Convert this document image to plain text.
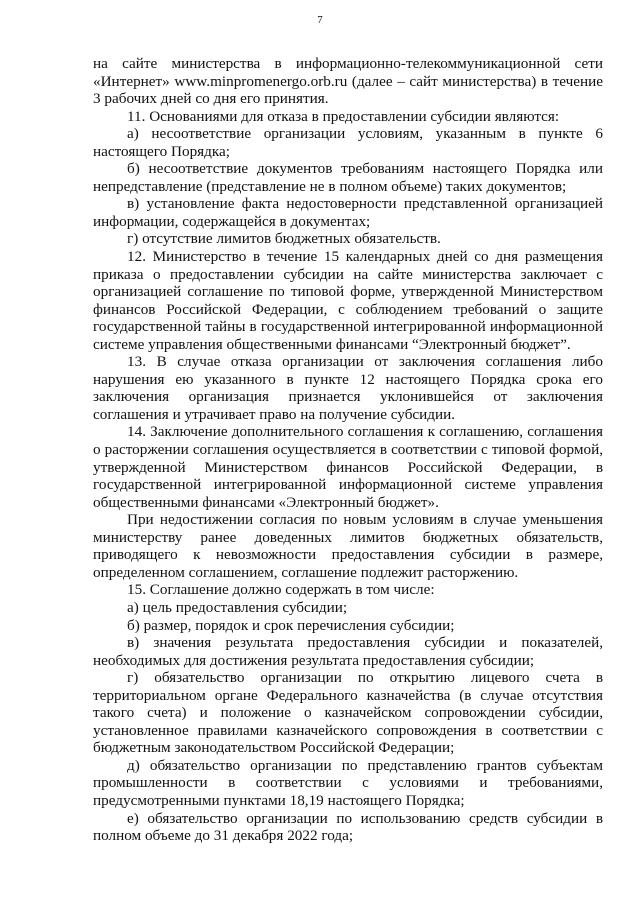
7

на сайте министерства в информационно-телекоммуникационной сети «Интернет» www.minpromenergo.orb.ru (далее – сайт министерства) в течение 3 рабочих дней со дня его принятия.

11. Основаниями для отказа в предоставлении субсидии являются:

а) несоответствие организации условиям, указанным в пункте 6 настоящего Порядка;

б) несоответствие документов требованиям настоящего Порядка или непредставление (представление не в полном объеме) таких документов;

в) установление факта недостоверности представленной организацией информации, содержащейся в документах;

г) отсутствие лимитов бюджетных обязательств.

12. Министерство в течение 15 календарных дней со дня размещения приказа о предоставлении субсидии на сайте министерства заключает с организацией соглашение по типовой форме, утвержденной Министерством финансов Российской Федерации, с соблюдением требований о защите государственной тайны в государственной интегрированной информационной системе управления общественными финансами “Электронный бюджет”.

13. В случае отказа организации от заключения соглашения либо нарушения ею указанного в пункте 12 настоящего Порядка срока его заключения организация признается уклонившейся от заключения соглашения и утрачивает право на получение субсидии.

14. Заключение дополнительного соглашения к соглашению, соглашения о расторжении соглашения осуществляется в соответствии с типовой формой, утвержденной Министерством финансов Российской Федерации, в государственной интегрированной информационной системе управления общественными финансами «Электронный бюджет».

При недостижении согласия по новым условиям в случае уменьшения министерству ранее доведенных лимитов бюджетных обязательств, приводящего к невозможности предоставления субсидии в размере, определенном соглашением, соглашение подлежит расторжению.

15. Соглашение должно содержать в том числе:

а) цель предоставления субсидии;

б) размер, порядок и срок перечисления субсидии;

в) значения результата предоставления субсидии и показателей, необходимых для достижения результата предоставления субсидии;

г) обязательство организации по открытию лицевого счета в территориальном органе Федерального казначейства (в случае отсутствия такого счета) и положение о казначейском сопровождении субсидии, установленное правилами казначейского сопровождения в соответствии с бюджетным законодательством Российской Федерации;

д) обязательство организации по представлению грантов субъектам промышленности в соответствии с условиями и требованиями, предусмотренными пунктами 18,19 настоящего Порядка;

е) обязательство организации по использованию средств субсидии в полном объеме до 31 декабря 2022 года;
